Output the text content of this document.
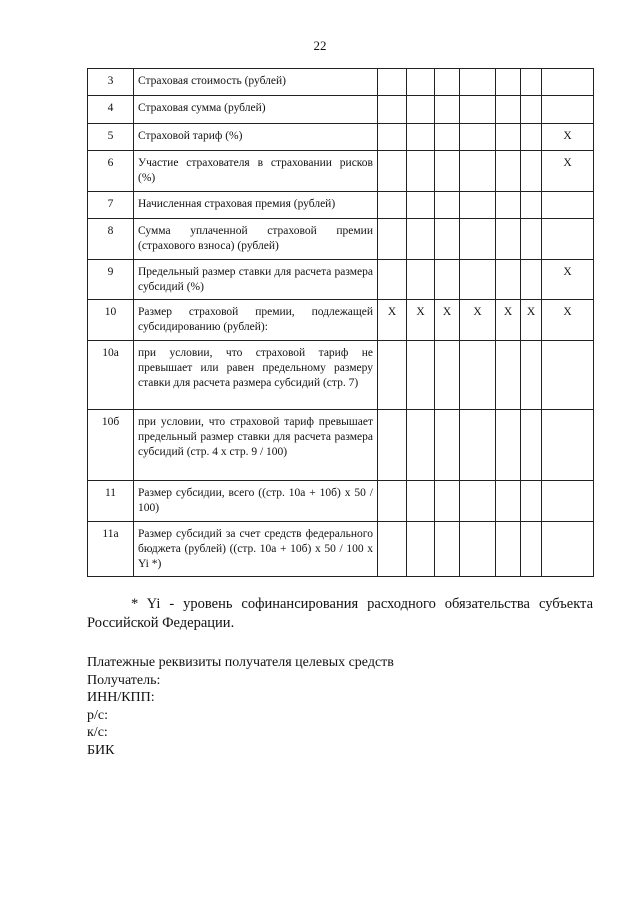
22
3	Страховая стоимость (рублей)							
4	Страховая сумма (рублей)							
5	Страховой тариф (%)							Х
6	Участие страхователя в страховании рисков (%)							Х
7	Начисленная страховая премия (рублей)							
8	Сумма уплаченной страховой премии (страхового взноса) (рублей)							
9	Предельный размер ставки для расчета размера субсидий (%)							Х
10	Размер страховой премии, подлежащей субсидированию (рублей):	Х	Х	Х	Х	Х	Х	Х
10а	при условии, что страховой тариф не превышает или равен предельному размеру ставки для расчета размера субсидий (стр. 7)							
10б	при условии, что страховой тариф превышает предельный размер ставки для расчета размера субсидий (стр. 4 х стр. 9 / 100)							
11	Размер субсидии, всего ((стр. 10а + 10б) х 50 / 100)							
11а	Размер субсидий за счет средств федерального бюджета (рублей) ((стр. 10а + 10б) х 50 / 100 х Yi *)							

* Yi - уровень софинансирования расходного обязательства субъекта Российской Федерации.

Платежные реквизиты получателя целевых средств
Получатель:
ИНН/КПП:
р/с:
к/с:
БИК
